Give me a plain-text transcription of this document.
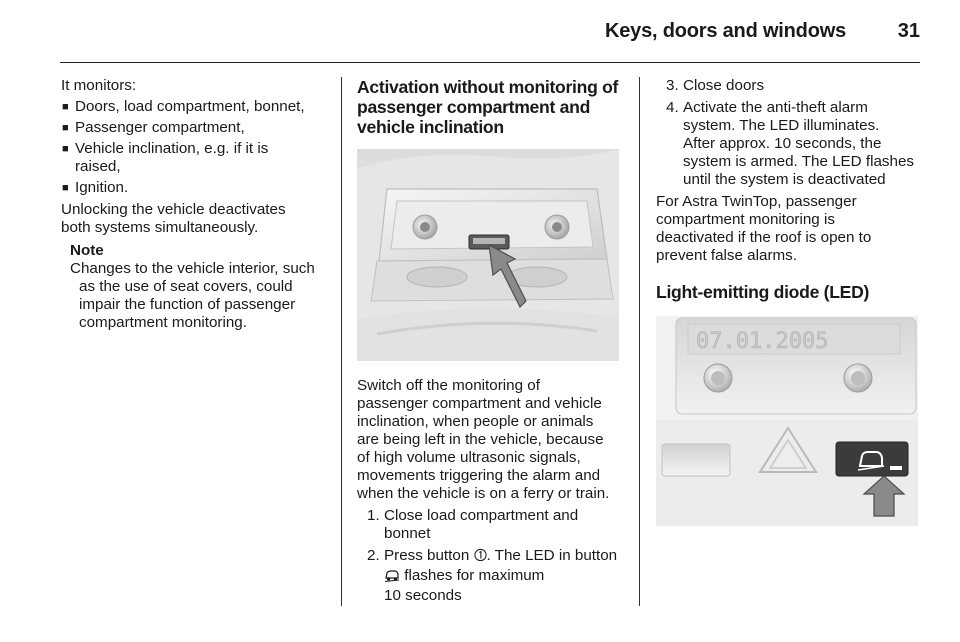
Keys, doors and windows	31

It monitors:

■ Doors, load compartment, bonnet,
■ Passenger compartment,
■ Vehicle inclination, e.g. if it is
raised,
■ Ignition.

Unlocking the vehicle deactivates
both systems simultaneously.

Note
Changes to the vehicle interior, such
as the use of seat covers, could
impair the function of passenger
compartment monitoring.
Activation without monitoring of
passenger compartment and
vehicle inclination

Switch off the monitoring of
passenger compartment and vehicle
inclination, when people or animals
are being left in the vehicle, because
of high volume ultrasonic signals,
movements triggering the alarm and
when the vehicle is on a ferry or train.

1. Close load compartment and
bonnet
2. Press button . The LED in button
flashes for maximum
10 seconds
3. Close doors
4. Activate the anti-theft alarm
system. The LED illuminates.
After approx. 10 seconds, the
system is armed. The LED flashes
until the system is deactivated

For Astra TwinTop, passenger
compartment monitoring is
deactivated if the roof is open to
prevent false alarms.

Light-emitting diode (LED)
07.01.2005
